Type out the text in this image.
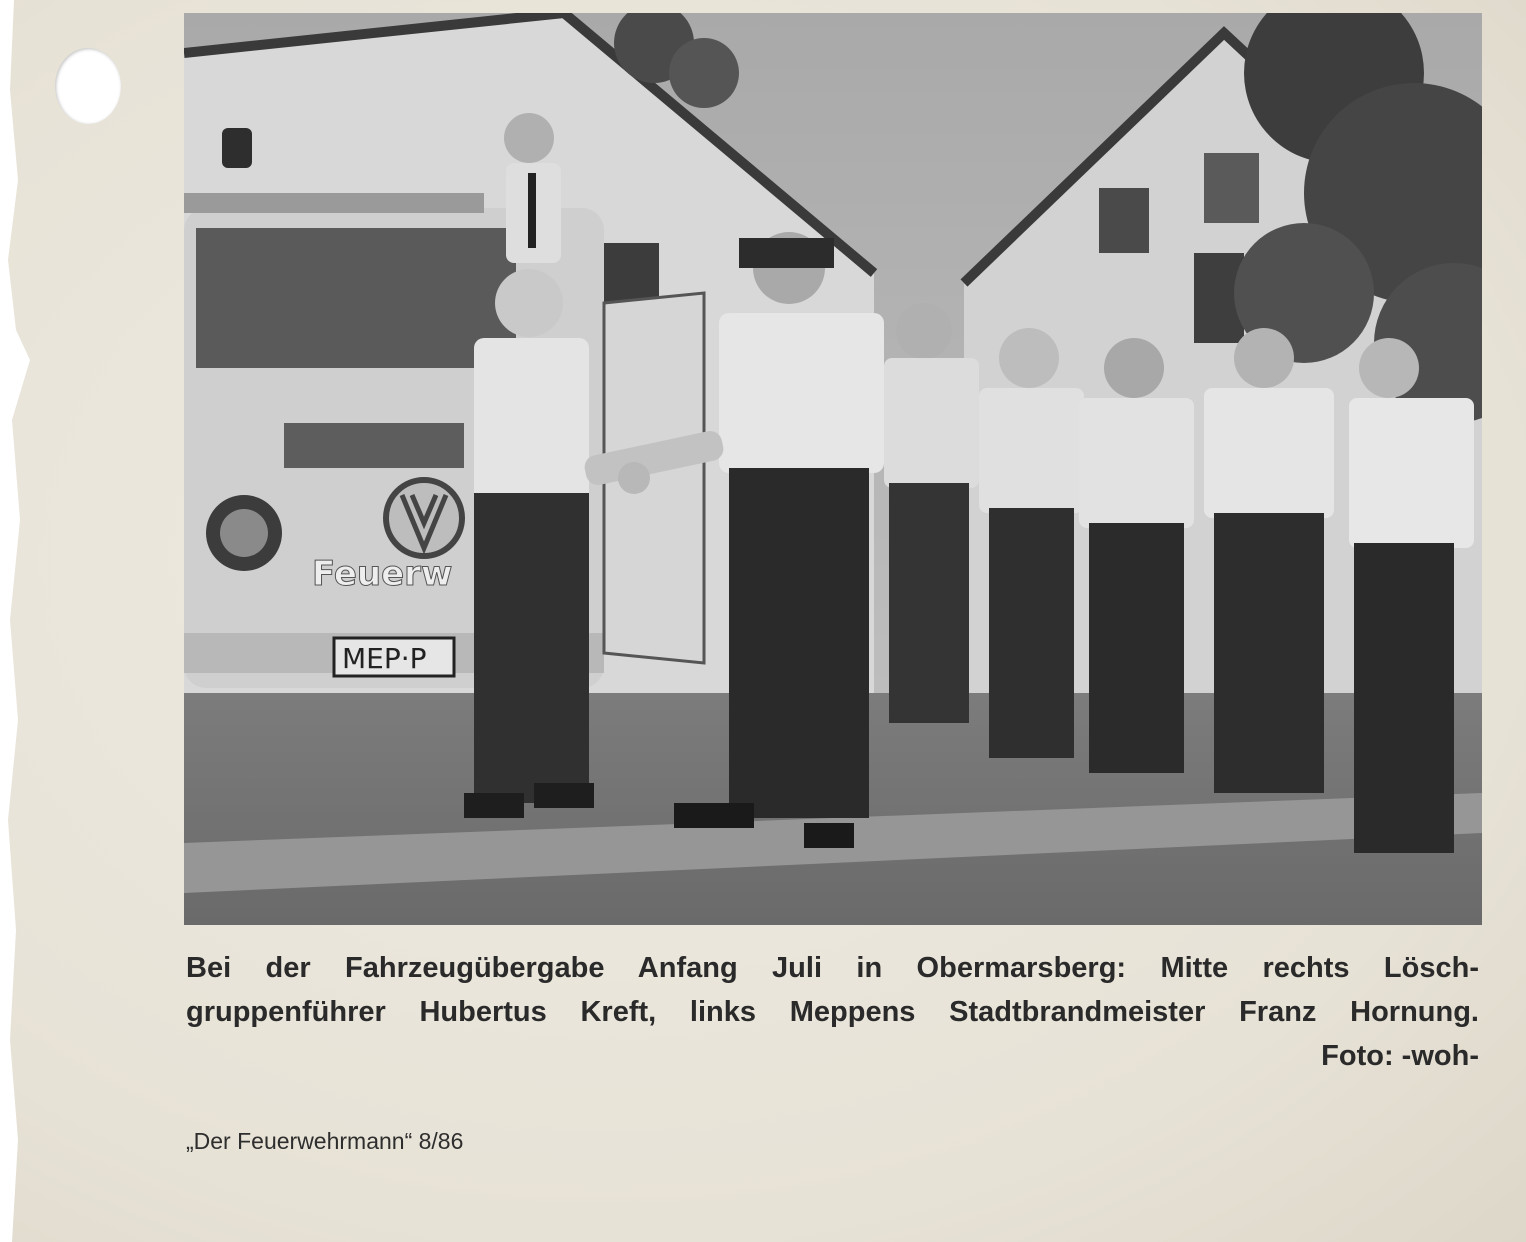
Feuerw
MEP·P
Bei der Fahrzeugübergabe Anfang Juli in Obermarsberg: Mitte rechts Lösch-
gruppenführer Hubertus Kreft, links Meppens Stadtbrandmeister Franz Hornung.
Foto: -woh-
„Der Feuerwehrmann“ 8/86
